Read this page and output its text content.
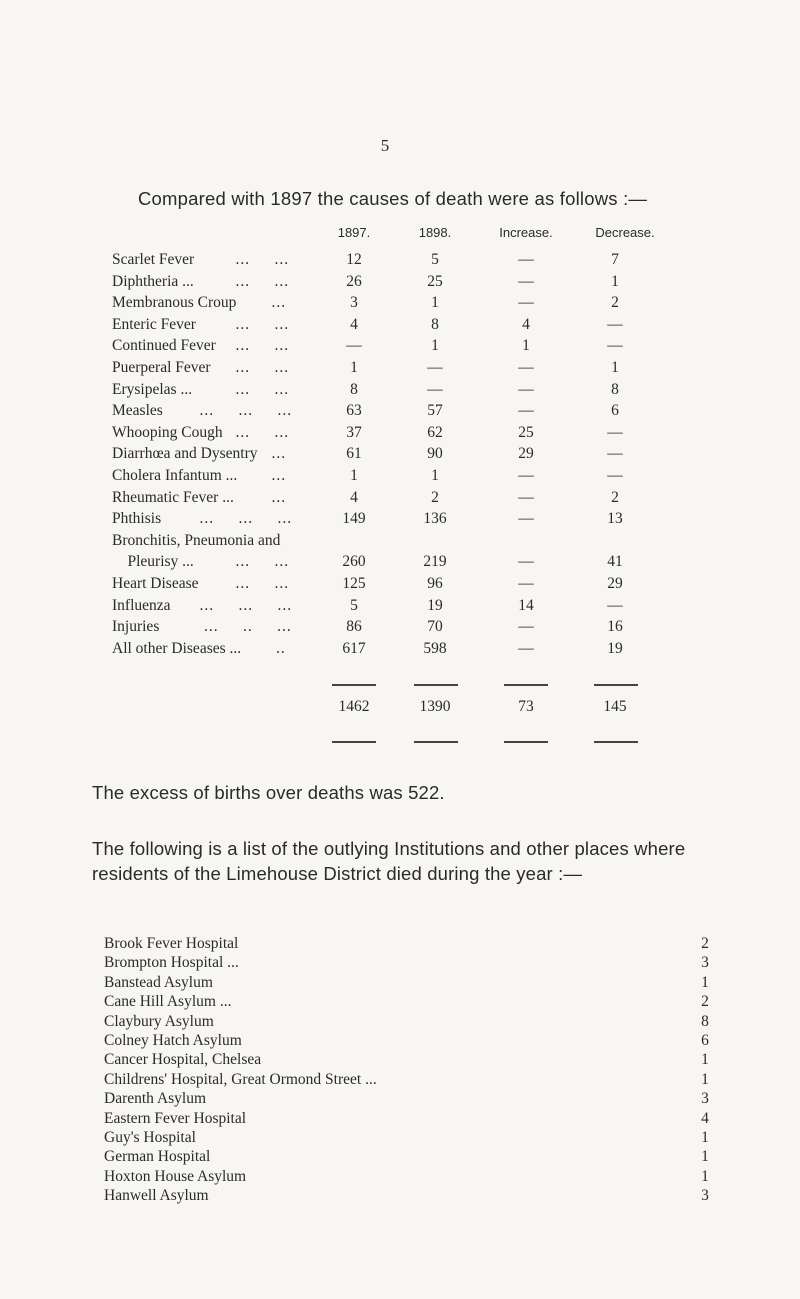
5
Compared with 1897 the causes of death were as follows :—
1897.	1898.	Increase.	Decrease.
Scarlet Fever	...     ...	12	5	—	7
Diphtheria ...	...     ...	26	25	—	1
Membranous Croup ...	3	1	—	2
Enteric Fever	...     ...	4	8	4	—
Continued Fever ...     ...	—	1	1	—
Puerperal Fever ...     ...	1	—	—	1
Erysipelas ...	...     ...	8	—	—	8
Measles ...     ...     ...	63	57	—	6
Whooping Cough ...     ...	37	62	25	—
Diarrhœa and Dysentry ...	61	90	29	—
Cholera Infantum ... ...	1	1	—	—
Rheumatic Fever ... ...	4	2	—	2
Phthisis ...     ...     ...	149	136	—	13
Bronchitis, Pneumonia and
Pleurisy ...	...     ...	260	219	—	41
Heart Disease ...     ...	125	96	—	29
Influenza ...     ...     ...	5	19	14	—
Injuries	...     ..     ...	86	70	—	16
All other Diseases ... ..	617	598	—	19
1462	1390	73	145
The excess of births over deaths was 522.
The following is a list of the outlying Institutions and other places where residents of the Limehouse District died during the year :—
Brook Fever Hospital	2
Brompton Hospital ...	3
Banstead Asylum	1
Cane Hill Asylum ...	2
Claybury Asylum	8
Colney Hatch Asylum	6
Cancer Hospital, Chelsea	1
Childrens' Hospital, Great Ormond Street ...	1
Darenth Asylum	3
Eastern Fever Hospital	4
Guy's Hospital	1
German Hospital	1
Hoxton House Asylum	1
Hanwell Asylum	3
